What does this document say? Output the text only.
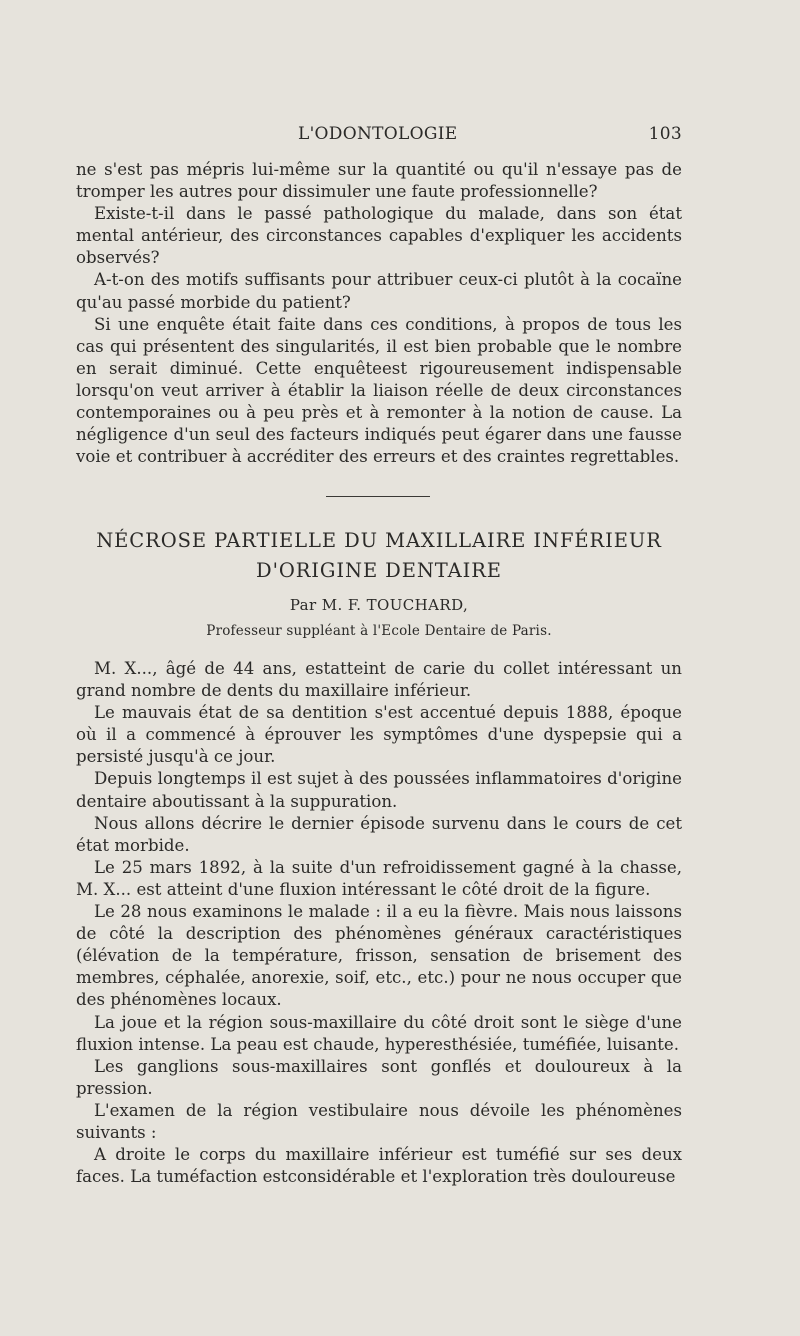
L'ODONTOLOGIE	103

ne s'est pas mépris lui-même sur la quantité ou qu'il n'essaye pas de tromper les autres pour dissimuler une faute professionnelle?

Existe-t-il dans le passé pathologique du malade, dans son état mental antérieur, des circonstances capables d'expliquer les accidents observés?

A-t-on des motifs suffisants pour attribuer ceux-ci plutôt à la cocaïne qu'au passé morbide du patient?

Si une enquête était faite dans ces conditions, à propos de tous les cas qui présentent des singularités, il est bien probable que le nombre en serait diminué. Cette enquêteest rigoureusement indispensable lorsqu'on veut arriver à établir la liaison réelle de deux circonstances contemporaines ou à peu près et à remonter à la notion de cause. La négligence d'un seul des facteurs indiqués peut égarer dans une fausse voie et contribuer à accréditer des erreurs et des craintes regrettables.

NÉCROSE PARTIELLE DU MAXILLAIRE INFÉRIEUR
D'ORIGINE DENTAIRE
Par M. F. TOUCHARD,
Professeur suppléant à l'Ecole Dentaire de Paris.

M. X..., âgé de 44 ans, estatteint de carie du collet intéressant un grand nombre de dents du maxillaire inférieur.

Le mauvais état de sa dentition s'est accentué depuis 1888, époque où il a commencé à éprouver les symptômes d'une dyspepsie qui a persisté jusqu'à ce jour.

Depuis longtemps il est sujet à des poussées inflammatoires d'origine dentaire aboutissant à la suppuration.

Nous allons décrire le dernier épisode survenu dans le cours de cet état morbide.

Le 25 mars 1892, à la suite d'un refroidissement gagné à la chasse, M. X... est atteint d'une fluxion intéressant le côté droit de la figure.

Le 28 nous examinons le malade : il a eu la fièvre. Mais nous laissons de côté la description des phénomènes généraux caractéristiques (élévation de la température, frisson, sensation de brisement des membres, céphalée, anorexie, soif, etc., etc.) pour ne nous occuper que des phénomènes locaux.

La joue et la région sous-maxillaire du côté droit sont le siège d'une fluxion intense. La peau est chaude, hyperesthésiée, tuméfiée, luisante.

Les ganglions sous-maxillaires sont gonflés et douloureux à la pression.

L'examen de la région vestibulaire nous dévoile les phénomènes suivants :

A droite le corps du maxillaire inférieur est tuméfié sur ses deux faces. La tuméfaction estconsidérable et l'exploration très douloureuse
